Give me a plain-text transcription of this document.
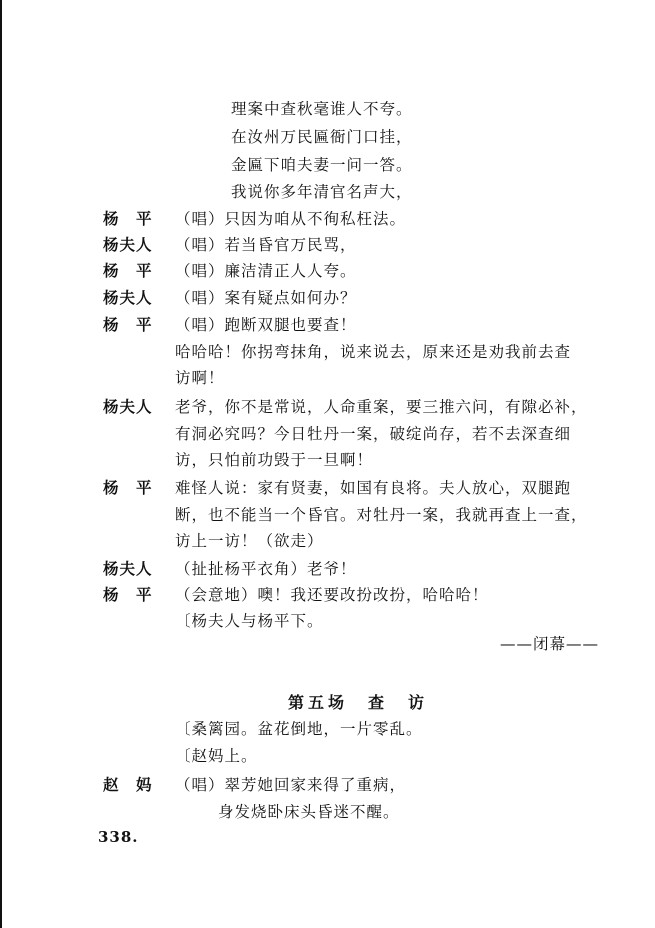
理案中查秋毫谁人不夸。
在汝州万民匾衙门口挂，
金匾下咱夫妻一问一答。
我说你多年清官名声大，
杨　平	（唱）只因为咱从不徇私枉法。
杨夫人	（唱）若当昏官万民骂，
杨　平	（唱）廉洁清正人人夸。
杨夫人	（唱）案有疑点如何办？
杨　平	（唱）跑断双腿也要查！
哈哈哈！你拐弯抹角，说来说去，原来还是劝我前去查
访啊！
杨夫人	老爷，你不是常说，人命重案，要三推六问，有隙必补，
有洞必究吗？今日牡丹一案，破绽尚存，若不去深查细
访，只怕前功毁于一旦啊！
杨　平	难怪人说：家有贤妻，如国有良将。夫人放心，双腿跑
断，也不能当一个昏官。对牡丹一案，我就再查上一查，
访上一访！（欲走）
杨夫人	（扯扯杨平衣角）老爷！
杨　平	（会意地）噢！我还要改扮改扮，哈哈哈！
〔杨夫人与杨平下。
——闭幕——
第五场　查　访
〔桑篱园。盆花倒地，一片零乱。
〔赵妈上。
赵　妈	（唱）翠芳她回家来得了重病，
身发烧卧床头昏迷不醒。
338.
